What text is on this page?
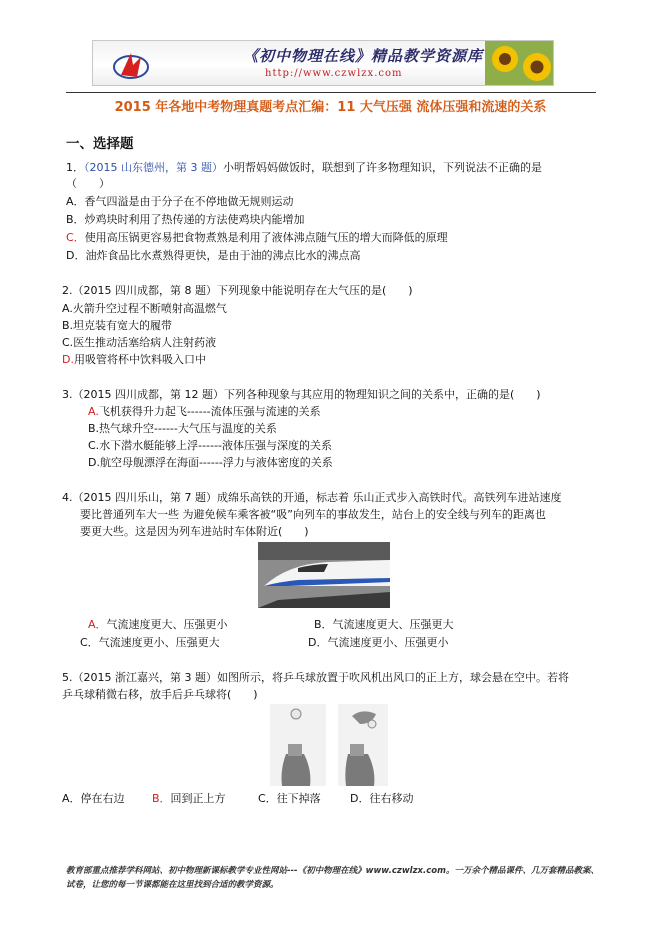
《初中物理在线》精品教学资源库
http://www.czwlzx.com
2015 年各地中考物理真题考点汇编：11 大气压强 流体压强和流速的关系
一、选择题
1．（2015 山东德州，第 3 题）小明帮妈妈做饭时，联想到了许多物理知识，下列说法不正确的是
（　　）
A．香气四溢是由于分子在不停地做无规则运动
B．炒鸡块时利用了热传递的方法使鸡块内能增加
C．使用高压锅更容易把食物煮熟是利用了液体沸点随气压的增大而降低的原理
D．油炸食品比水煮熟得更快，是由于油的沸点比水的沸点高
2.（2015 四川成都，第 8 题）下列现象中能说明存在大气压的是(　　)
A.火箭升空过程不断喷射高温燃气
B.坦克装有宽大的履带
C.医生推动活塞给病人注射药液
D.用吸管将杯中饮料吸入口中
3.（2015 四川成都，第 12 题）下列各种现象与其应用的物理知识之间的关系中，正确的是(　　)
A.飞机获得升力起飞------流体压强与流速的关系
B.热气球升空------大气压与温度的关系
C.水下潜水艇能够上浮------液体压强与深度的关系
D.航空母舰漂浮在海面------浮力与液体密度的关系
4.（2015 四川乐山，第 7 题）成绵乐高铁的开通，标志着 乐山正式步入高铁时代。高铁列车进站速度
要比普通列车大一些 为避免候车乘客被“吸”向列车的事故发生，站台上的安全线与列车的距离也
要更大些。这是因为列车进站时车体附近(　　)
A．气流速度更大、压强更小	B．气流速度更大、压强更大
C．气流速度更小、压强更大	D．气流速度更小、压强更小
5.（2015 浙江嘉兴，第 3 题）如图所示，将乒乓球放置于吹风机出风口的正上方，球会悬在空中。若将
乒乓球稍微右移，放手后乒乓球将(　　)
A．停在右边 B．回到正上方	C．往下掉落	D．往右移动
教育部重点推荐学科网站、初中物理新课标教学专业性网站---《初中物理在线》www.czwlzx.com。一万余个精品课件、几万套精品教案、试卷，让您的每一节课都能在这里找到合适的教学资源。
